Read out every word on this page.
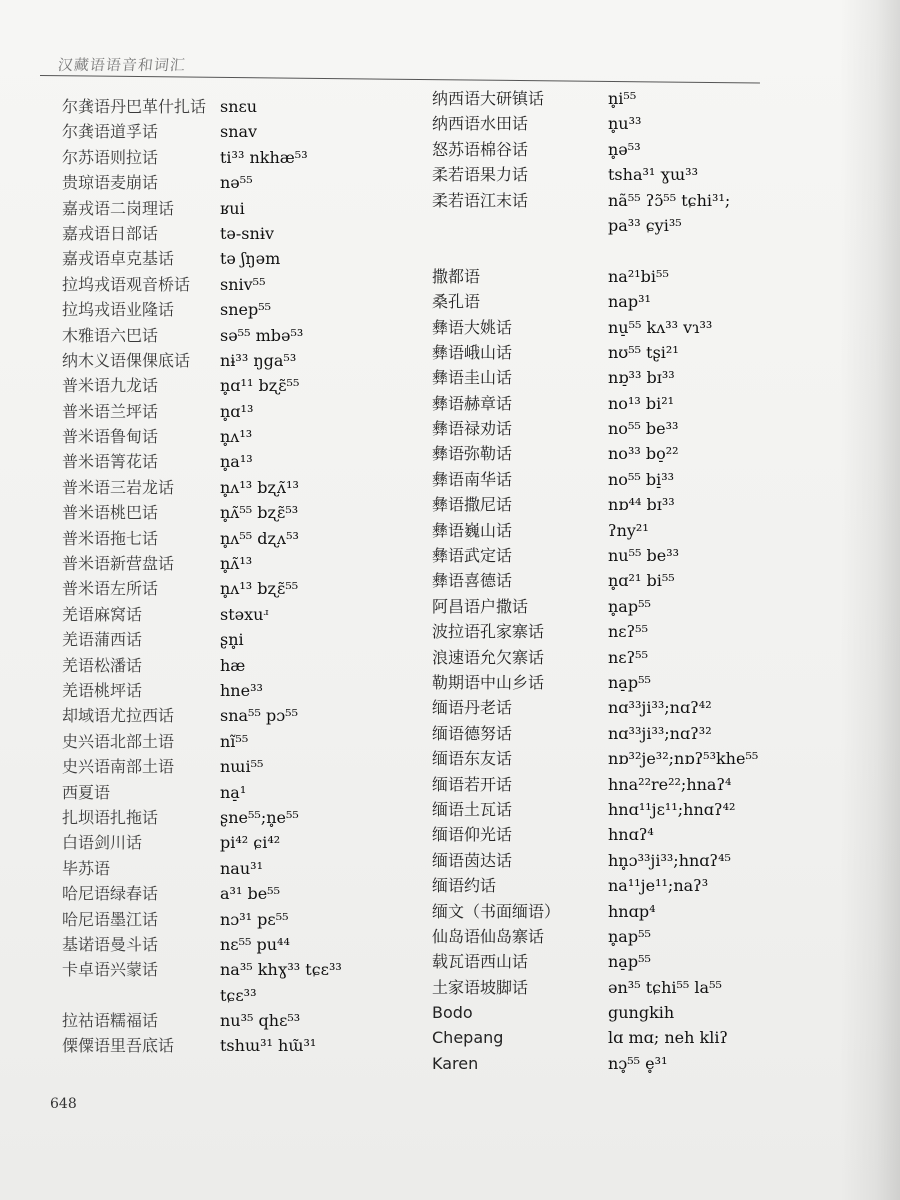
汉藏语语音和词汇
尔龚语丹巴革什扎话 snɛu
尔龚语道孚话	snav
尔苏语则拉话	ti³³ nkhæ⁵³
贵琼语麦崩话	nə⁵⁵
嘉戎语二岗理话	ʁui
嘉戎语日部话	tə-snɨv
嘉戎语卓克基话	tə ʃŋəm
拉坞戎语观音桥话 sniv⁵⁵
拉坞戎语业隆话	snep⁵⁵
木雅语六巴话	sə⁵⁵ mbə⁵³
纳木义语倮倮底话 nɨ³³ ŋga⁵³
普米语九龙话	n̥ɑ¹¹ bʐɛ̃⁵⁵
普米语兰坪话	n̥ɑ¹³
普米语鲁甸话	n̥ʌ¹³
普米语箐花话	n̥a¹³
普米语三岩龙话	n̥ʌ¹³ bʐʌ̃¹³
普米语桃巴话	n̥ʌ̃⁵⁵ bʐɛ̃⁵³
普米语拖七话	n̥ʌ⁵⁵ dʐʌ⁵³
普米语新营盘话	n̥ʌ̃¹³
普米语左所话	n̥ʌ¹³ bʐɛ̃⁵⁵
羌语麻窝话	stəxuʴ
羌语蒲西话	ʂn̥i
羌语松潘话	hæ
羌语桃坪话	hne³³
却域语尤拉西话	sna⁵⁵ pɔ⁵⁵
史兴语北部土语	nĩ⁵⁵
史兴语南部土语	nɯi⁵⁵
西夏语	na̠¹
扎坝语扎拖话	ʂne⁵⁵;n̥e⁵⁵
白语剑川话	pi⁴² ɕi⁴²
毕苏语	nau³¹
哈尼语绿春话	a³¹ be⁵⁵
哈尼语墨江话	nɔ³¹ pɛ⁵⁵
基诺语曼斗话	nɛ⁵⁵ pu⁴⁴
卡卓语兴蒙话	na³⁵ khɣ³³ tɕɛ³³
tɕɛ³³
拉祜语糯福话	nu³⁵ qhɛ⁵³
傈僳语里吾底话	tshɯ³¹ hɯ̃³¹
纳西语大研镇话	n̥i⁵⁵
纳西语水田话	n̥u³³
怒苏语棉谷话	n̥ə⁵³
柔若语果力话	tsha³¹ ɣɯ³³
柔若语江末话	nã⁵⁵ ʔɔ̃⁵⁵ tɕhi³¹;
pa³³ ɕyi³⁵
撒都语	na²¹bi⁵⁵
桑孔语	nap³¹
彝语大姚话	nu̠⁵⁵ kʌ³³ vɿ³³
彝语峨山话	nʊ⁵⁵ tʂi²¹
彝语圭山话	nɒ̠³³ bɪ³³
彝语赫章话	no¹³ bi²¹
彝语禄劝话	no⁵⁵ be³³
彝语弥勒话	no³³ bo̠²²
彝语南华话	no⁵⁵ bi̠³³
彝语撒尼话	nɒ⁴⁴ bɪ³³
彝语巍山话	ʔny²¹
彝语武定话	nu⁵⁵ be³³
彝语喜德话	n̥ɑ²¹ bi⁵⁵
阿昌语户撒话	n̥ap⁵⁵
波拉语孔家寨话	nɛʔ⁵⁵
浪速语允欠寨话	nɛʔ⁵⁵
勒期语中山乡话	na̠p⁵⁵
缅语丹老话	nɑ³³ji³³;nɑʔ⁴²
缅语德努话	nɑ³³ji³³;nɑʔ³²
缅语东友话	nɒ³²je³²;nɒʔ⁵³khe⁵⁵
缅语若开话	hna²²re²²;hnaʔ⁴
缅语土瓦话	hnɑ¹¹jɛ¹¹;hnɑʔ⁴²
缅语仰光话	hnɑʔ⁴
缅语茵达话	hn̥ɔ³³ji³³;hnɑʔ⁴⁵
缅语约话	na¹¹je¹¹;naʔ³
缅文（书面缅语）	hnɑp⁴
仙岛语仙岛寨话	n̥ap⁵⁵
载瓦语西山话	na̠p⁵⁵
土家语坡脚话	ən³⁵ tɕhi⁵⁵ la⁵⁵
Bodo	gungkih
Chepang	lɑ mɑ; neh kliʔ
Karen	nɔ̥⁵⁵ e̥³¹
648
